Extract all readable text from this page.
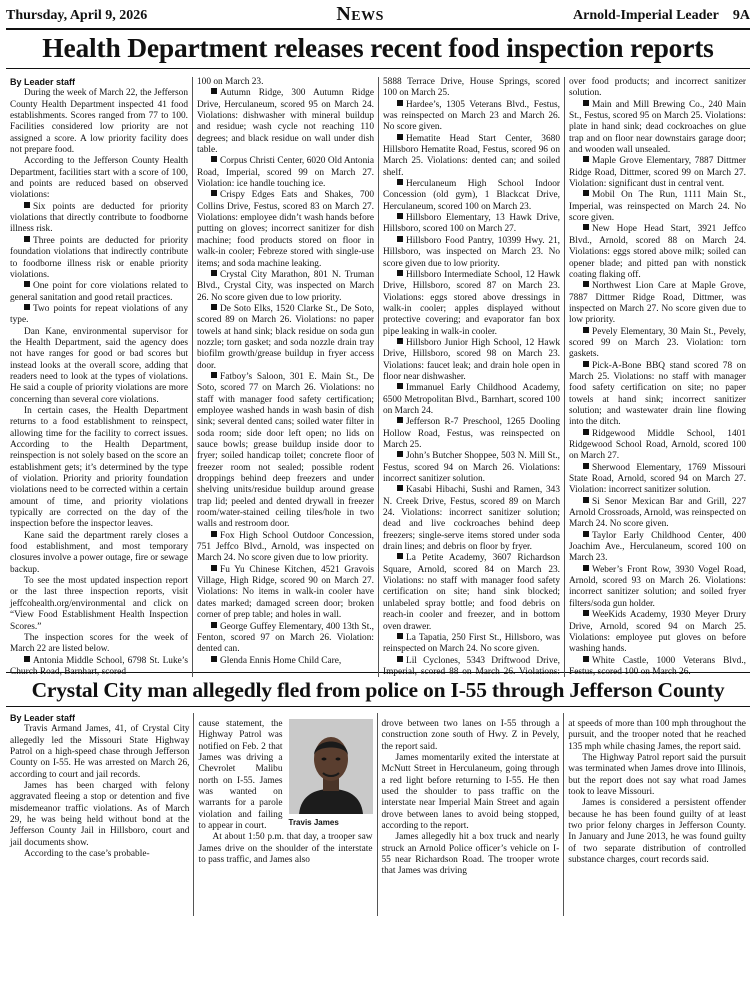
Thursday, April 9, 2026	News	Arnold-Imperial Leader 9A
Health Department releases recent food inspection reports

By Leader staff

During the week of March 22, the Jefferson County Health Department inspected 41 food establishments. Scores ranged from 77 to 100. Facilities considered low priority are not assigned a score. A low priority facility does not prepare food.

According to the Jefferson County Health Department, facilities start with a score of 100, and points are reduced based on observed violations:

Six points are deducted for priority violations that directly contribute to foodborne illness risk.

Three points are deducted for priority foundation violations that indirectly contribute to foodborne illness risk or enable priority violations.

One point for core violations related to general sanitation and good retail practices.

Two points for repeat violations of any type.

Dan Kane, environmental supervisor for the Health Department, said the agency does not have ranges for good or bad scores but instead looks at the overall score, adding that readers need to look at the types of violations. He said a couple of priority violations are more concerning than several core violations.

In certain cases, the Health Department returns to a food establishment to reinspect, allowing time for the facility to correct issues. According to the Health Department, reinspection is not solely based on the score an establishment gets; it’s determined by the type of violation. Priority and priority foundation violations need to be corrected within a certain amount of time, and priority violations typically are corrected on the day of the inspection before the inspector leaves.

Kane said the department rarely closes a food establishment, and most temporary closures involve a power outage, fire or sewage backup.

To see the most updated inspection report or the last three inspection reports, visit jeffcohealth.org/environmental and click on “View Food Establishment Health Inspection Scores.”

The inspection scores for the week of March 22 are listed below.

Antonia Middle School, 6798 St. Luke’s Church Road, Barnhart, scored

100 on March 23.

Autumn Ridge, 300 Autumn Ridge Drive, Herculaneum, scored 95 on March 24. Violations: dishwasher with mineral buildup and residue; wash cycle not reaching 110 degrees; and black residue on wall under dish table.

Corpus Christi Center, 6020 Old Antonia Road, Imperial, scored 99 on March 27. Violation: ice handle touching ice.

Crispy Edges Eats and Shakes, 700 Collins Drive, Festus, scored 83 on March 27. Violations: employee didn’t wash hands before putting on gloves; incorrect sanitizer for dish machine; food products stored on floor in walk-in cooler; Febreze stored with single-use items; and soda machine leaking.

Crystal City Marathon, 801 N. Truman Blvd., Crystal City, was inspected on March 26. No score given due to low priority.

De Soto Elks, 1520 Clarke St., De Soto, scored 89 on March 26. Violations: no paper towels at hand sink; black residue on soda gun nozzle; torn gasket; and soda nozzle drain tray biofilm growth/grease buildup in fryer access door.

Fatboy’s Saloon, 301 E. Main St., De Soto, scored 77 on March 26. Violations: no staff with manager food safety certification; employee washed hands in wash basin of dish sink; several dented cans; soiled water filter in soda room; side door left open; no lids on sauce bowls; grease buildup inside door to fryer; soiled handicap toilet; concrete floor of freezer room not sealed; possible rodent droppings behind deep freezers and under shelving units/residue buildup around grease trap lid; peeled and dented drywall in freezer room/water-stained ceiling tiles/hole in two walls and restroom door.

Fox High School Outdoor Concession, 751 Jeffco Blvd., Arnold, was inspected on March 24. No score given due to low priority.

Fu Yu Chinese Kitchen, 4521 Gravois Village, High Ridge, scored 90 on March 27. Violations: No items in walk-in cooler have dates marked; damaged screen door; broken corner of prep table; and holes in wall.

George Guffey Elementary, 400 13th St., Fenton, scored 97 on March 26. Violation: dented can.

Glenda Ennis Home Child Care,

5888 Terrace Drive, House Springs, scored 100 on March 25.

Hardee’s, 1305 Veterans Blvd., Festus, was reinspected on March 23 and March 26. No score given.

Hematite Head Start Center, 3680 Hillsboro Hematite Road, Festus, scored 96 on March 25. Violations: dented can; and soiled shelf.

Herculaneum High School Indoor Concession (old gym), 1 Blackcat Drive, Herculaneum, scored 100 on March 23.

Hillsboro Elementary, 13 Hawk Drive, Hillsboro, scored 100 on March 27.

Hillsboro Food Pantry, 10399 Hwy. 21, Hillsboro, was inspected on March 23. No score given due to low priority.

Hillsboro Intermediate School, 12 Hawk Drive, Hillsboro, scored 87 on March 23. Violations: eggs stored above dressings in walk-in cooler; apples displayed without protective covering; and evaporator fan box pipe leaking in walk-in cooler.

Hillsboro Junior High School, 12 Hawk Drive, Hillsboro, scored 98 on March 23. Violations: faucet leak; and drain hole open in floor near dishwasher.

Immanuel Early Childhood Academy, 6500 Metropolitan Blvd., Barnhart, scored 100 on March 24.

Jefferson R-7 Preschool, 1265 Dooling Hollow Road, Festus, was reinspected on March 25.

John’s Butcher Shoppee, 503 N. Mill St., Festus, scored 94 on March 26. Violations: incorrect sanitizer solution.

Kasabi Hibachi, Sushi and Ramen, 343 N. Creek Drive, Festus, scored 89 on March 24. Violations: incorrect sanitizer solution; dead and live cockroaches behind deep freezers; single-serve items stored under soda drain lines; and debris on floor by fryer.

La Petite Academy, 3607 Richardson Square, Arnold, scored 84 on March 23. Violations: no staff with manager food safety certification on site; hand sink blocked; unlabeled spray bottle; and food debris on reach-in cooler and freezer, and in bottom oven drawer.

La Tapatia, 250 First St., Hillsboro, was reinspected on March 24. No score given.

Lil Cyclones, 5343 Driftwood Drive, Imperial, scored 88 on March 26. Violations:

over food products; and incorrect sanitizer solution.

Main and Mill Brewing Co., 240 Main St., Festus, scored 95 on March 25. Violations: plate in hand sink; dead cockroaches on glue trap and on floor near downstairs garage door; and wooden wall unsealed.

Maple Grove Elementary, 7887 Dittmer Ridge Road, Dittmer, scored 99 on March 27. Violation: significant dust in central vent.

Mobil On The Run, 1111 Main St., Imperial, was reinspected on March 24. No score given.

New Hope Head Start, 3921 Jeffco Blvd., Arnold, scored 88 on March 24. Violations: eggs stored above milk; soiled can opener blade; and pitted pan with nonstick coating flaking off.

Northwest Lion Care at Maple Grove, 7887 Dittmer Ridge Road, Dittmer, was inspected on March 27. No score given due to low priority.

Pevely Elementary, 30 Main St., Pevely, scored 99 on March 23. Violation: torn gaskets.

Pick-A-Bone BBQ stand scored 78 on March 25. Violations: no staff with manager food safety certification on site; no paper towels at hand sink; incorrect sanitizer solution; and wastewater drain line flowing into the ditch.

Ridgewood Middle School, 1401 Ridgewood School Road, Arnold, scored 100 on March 27.

Sherwood Elementary, 1769 Missouri State Road, Arnold, scored 94 on March 27. Violation: incorrect sanitizer solution.

Si Senor Mexican Bar and Grill, 227 Arnold Crossroads, Arnold, was reinspected on March 24. No score given.

Taylor Early Childhood Center, 400 Joachim Ave., Herculaneum, scored 100 on March 23.

Weber’s Front Row, 3930 Vogel Road, Arnold, scored 93 on March 26. Violations: incorrect sanitizer solution; and soiled fryer filters/soda gun holder.

WeeKids Academy, 1930 Meyer Drury Drive, Arnold, scored 94 on March 25. Violations: employee put gloves on before washing hands.

White Castle, 1000 Veterans Blvd., Festus, scored 100 on March 26.

Crystal City man allegedly fled from police on I-55 through Jefferson County

By Leader staff

Travis Armand James, 41, of Crystal City allegedly led the Missouri State Highway Patrol on a high-speed chase through Jefferson County on I-55. He was arrested on March 26, according to court and jail records.

James has been charged with felony aggravated fleeing a stop or detention and five misdemeanor traffic violations. As of March 29, he was being held without bond at the Jefferson County Jail in Hillsboro, court and jail documents show.

According to the case’s probable-

Travis James

cause statement, the Highway Patrol was notified on Feb. 2 that James was driving a Chevrolet Malibu north on I-55. James was wanted on warrants for a parole violation and failing to appear in court.

At about 1:50 p.m. that day, a trooper saw James drive on the shoulder of the interstate to pass traffic, and James also

drove between two lanes on I-55 through a construction zone south of Hwy. Z in Pevely, the report said.

James momentarily exited the interstate at McNutt Street in Herculaneum, going through a red light before returning to I-55. He then used the shoulder to pass traffic on the interstate near Imperial Main Street and again drove between lanes to avoid being stopped, according to the report.

James allegedly hit a box truck and nearly struck an Arnold Police officer’s vehicle on I-55 near Richardson Road. The trooper wrote that James was driving

at speeds of more than 100 mph throughout the pursuit, and the trooper noted that he reached 135 mph while chasing James, the report said.

The Highway Patrol report said the pursuit was terminated when James drove into Illinois, but the report does not say what road James took to leave Missouri.

James is considered a persistent offender because he has been found guilty of at least two prior felony charges in Jefferson County. In January and June 2013, he was found guilty of two separate distribution of controlled substance charges, court records said.
